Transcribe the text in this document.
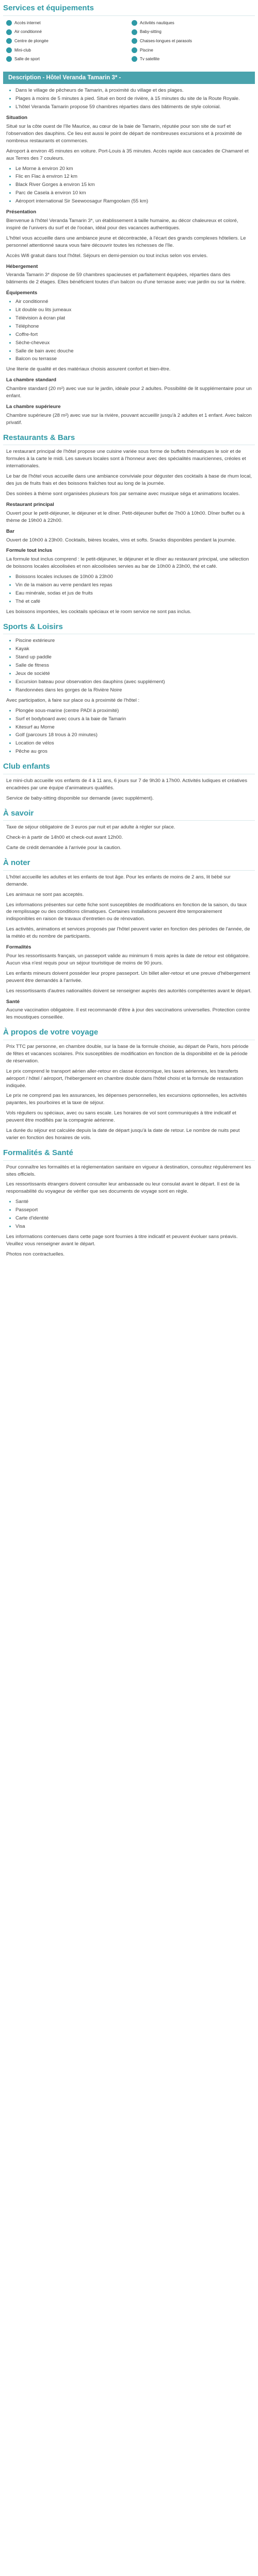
Services et équipements
Accès internet	Activités nautiques
Air conditionné	Baby-sitting
Centre de plongée	Chaises-longues et parasols
Mini-club	Piscine
Salle de sport	Tv satellite
Description - Hôtel Veranda Tamarin 3* -
• Dans le village de pêcheurs de Tamarin, à proximité du village et des plages.
• Plages à moins de 5 minutes à pied. Situé en bord de rivière, à 15 minutes du site de la Route Royale.
• L'hôtel Veranda Tamarin propose 59 chambres réparties dans des bâtiments de style colonial.
Situation

Situé sur la côte ouest de l'île Maurice, au cœur de la baie de Tamarin, réputée pour son site de surf et l'observation des dauphins. Ce lieu est aussi le point de départ de nombreuses excursions et à proximité de nombreux restaurants et commerces.

Aéroport à environ 45 minutes en voiture. Port-Louis à 35 minutes. Accès rapide aux cascades de Chamarel et aux Terres des 7 couleurs.

• Le Morne à environ 20 km
• Flic en Flac à environ 12 km
• Black River Gorges à environ 15 km
• Parc de Casela à environ 10 km
• Aéroport international Sir Seewoosagur Ramgoolam (55 km)
Présentation

Bienvenue à l'hôtel Veranda Tamarin 3*, un établissement à taille humaine, au décor chaleureux et coloré, inspiré de l'univers du surf et de l'océan, idéal pour des vacances authentiques.

L'hôtel vous accueille dans une ambiance jeune et décontractée, à l'écart des grands complexes hôteliers. Le personnel attentionné saura vous faire découvrir toutes les richesses de l'île.

Accès Wifi gratuit dans tout l'hôtel. Séjours en demi-pension ou tout inclus selon vos envies.

Hébergement

Veranda Tamarin 3* dispose de 59 chambres spacieuses et parfaitement équipées, réparties dans des bâtiments de 2 étages. Elles bénéficient toutes d'un balcon ou d'une terrasse avec vue jardin ou sur la rivière.

Équipements
• Air conditionné
• Lit double ou lits jumeaux
• Télévision à écran plat
• Téléphone
• Coffre-fort
• Sèche-cheveux
• Salle de bain avec douche
• Balcon ou terrasse

Une literie de qualité et des matériaux choisis assurent confort et bien-être.

La chambre standard

Chambre standard (20 m²) avec vue sur le jardin, idéale pour 2 adultes. Possibilité de lit supplémentaire pour un enfant.

La chambre supérieure

Chambre supérieure (28 m²) avec vue sur la rivière, pouvant accueillir jusqu'à 2 adultes et 1 enfant. Avec balcon privatif.

Restaurants & Bars

Le restaurant principal de l'hôtel propose une cuisine variée sous forme de buffets thématiques le soir et de formules à la carte le midi. Les saveurs locales sont à l'honneur avec des spécialités mauriciennes, créoles et internationales.

Le bar de l'hôtel vous accueille dans une ambiance conviviale pour déguster des cocktails à base de rhum local, des jus de fruits frais et des boissons fraîches tout au long de la journée.

Des soirées à thème sont organisées plusieurs fois par semaine avec musique séga et animations locales.

Restaurant principal

Ouvert pour le petit-déjeuner, le déjeuner et le dîner. Petit-déjeuner buffet de 7h00 à 10h00. Dîner buffet ou à thème de 19h00 à 22h00.

Bar

Ouvert de 10h00 à 23h00. Cocktails, bières locales, vins et softs. Snacks disponibles pendant la journée.

Formule tout inclus

La formule tout inclus comprend : le petit-déjeuner, le déjeuner et le dîner au restaurant principal, une sélection de boissons locales alcoolisées et non alcoolisées servies au bar de 10h00 à 23h00, thé et café.

• Boissons locales incluses de 10h00 à 23h00
• Vin de la maison au verre pendant les repas
• Eau minérale, sodas et jus de fruits
• Thé et café

Les boissons importées, les cocktails spéciaux et le room service ne sont pas inclus.

Sports & Loisirs
• Piscine extérieure
• Kayak
• Stand up paddle
• Salle de fitness
• Jeux de société
• Excursion bateau pour observation des dauphins (avec supplément)
• Randonnées dans les gorges de la Rivière Noire

Avec participation, à faire sur place ou à proximité de l'hôtel :

• Plongée sous-marine (centre PADI à proximité)
• Surf et bodyboard avec cours à la baie de Tamarin
• Kitesurf au Morne
• Golf (parcours 18 trous à 20 minutes)
• Location de vélos
• Pêche au gros
Club enfants

Le mini-club accueille vos enfants de 4 à 11 ans, 6 jours sur 7 de 9h30 à 17h00. Activités ludiques et créatives encadrées par une équipe d'animateurs qualifiés.

Service de baby-sitting disponible sur demande (avec supplément).

À savoir

Taxe de séjour obligatoire de 3 euros par nuit et par adulte à régler sur place.

Check-in à partir de 14h00 et check-out avant 12h00.

Carte de crédit demandée à l'arrivée pour la caution.

À noter

L'hôtel accueille les adultes et les enfants de tout âge. Pour les enfants de moins de 2 ans, lit bébé sur demande.

Les animaux ne sont pas acceptés.

Les informations présentes sur cette fiche sont susceptibles de modifications en fonction de la saison, du taux de remplissage ou des conditions climatiques. Certaines installations peuvent être temporairement indisponibles en raison de travaux d'entretien ou de rénovation.

Les activités, animations et services proposés par l'hôtel peuvent varier en fonction des périodes de l'année, de la météo et du nombre de participants.

Formalités

Pour les ressortissants français, un passeport valide au minimum 6 mois après la date de retour est obligatoire. Aucun visa n'est requis pour un séjour touristique de moins de 90 jours.

Les enfants mineurs doivent posséder leur propre passeport. Un billet aller-retour et une preuve d'hébergement peuvent être demandés à l'arrivée.

Les ressortissants d'autres nationalités doivent se renseigner auprès des autorités compétentes avant le départ.

Santé

Aucune vaccination obligatoire. Il est recommandé d'être à jour des vaccinations universelles. Protection contre les moustiques conseillée.

À propos de votre voyage

Prix TTC par personne, en chambre double, sur la base de la formule choisie, au départ de Paris, hors période de fêtes et vacances scolaires. Prix susceptibles de modification en fonction de la disponibilité et de la période de réservation.

Le prix comprend le transport aérien aller-retour en classe économique, les taxes aériennes, les transferts aéroport / hôtel / aéroport, l'hébergement en chambre double dans l'hôtel choisi et la formule de restauration indiquée.

Le prix ne comprend pas les assurances, les dépenses personnelles, les excursions optionnelles, les activités payantes, les pourboires et la taxe de séjour.

Vols réguliers ou spéciaux, avec ou sans escale. Les horaires de vol sont communiqués à titre indicatif et peuvent être modifiés par la compagnie aérienne.

La durée du séjour est calculée depuis la date de départ jusqu'à la date de retour. Le nombre de nuits peut varier en fonction des horaires de vols.

Formalités & Santé

Pour connaître les formalités et la réglementation sanitaire en vigueur à destination, consultez régulièrement les sites officiels.

Les ressortissants étrangers doivent consulter leur ambassade ou leur consulat avant le départ. Il est de la responsabilité du voyageur de vérifier que ses documents de voyage sont en règle.

• Santé
• Passeport
• Carte d'identité
• Visa

Les informations contenues dans cette page sont fournies à titre indicatif et peuvent évoluer sans préavis. Veuillez vous renseigner avant le départ.

Photos non contractuelles.
